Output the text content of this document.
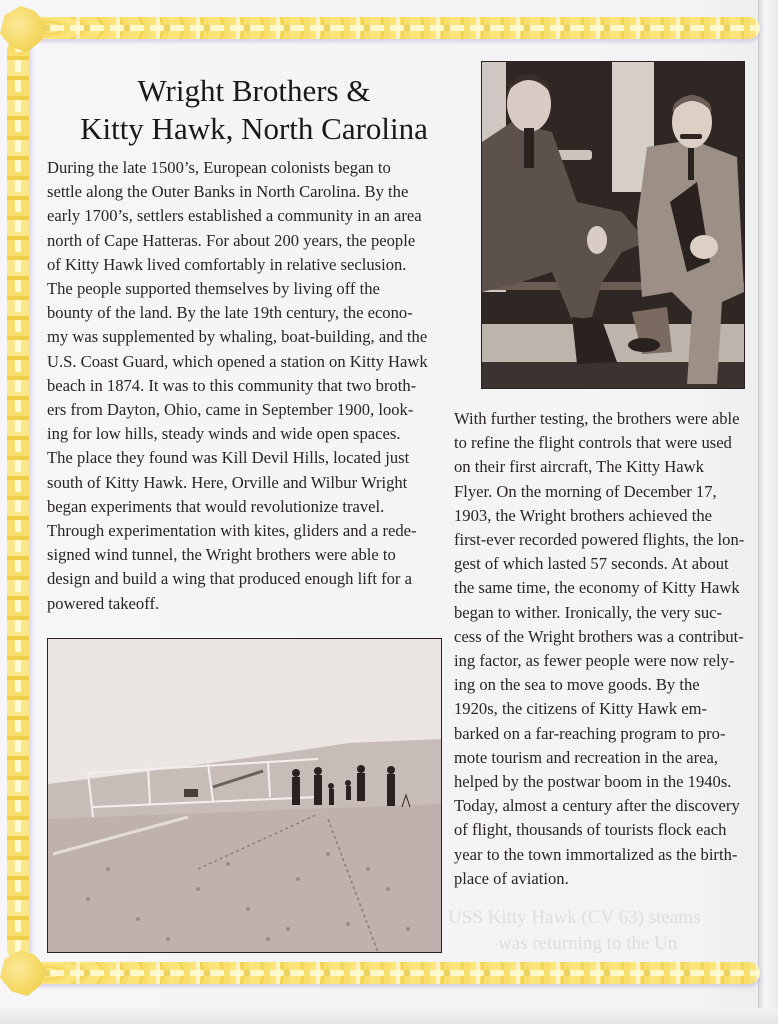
USS Kitty Hawk (CV 63) steams
was returning to the Un
Wright Brothers &
Kitty Hawk, North Carolina
During the late 1500’s, European colonists began to
settle along the Outer Banks in North Carolina. By the
early 1700’s, settlers established a community in an area
north of Cape Hatteras. For about 200 years, the people
of Kitty Hawk lived comfortably in relative seclusion.
The people supported themselves by living off the
bounty of the land. By the late 19th century, the econo-
my was supplemented by whaling, boat-building, and the
U.S. Coast Guard, which opened a station on Kitty Hawk
beach in 1874. It was to this community that two broth-
ers from Dayton, Ohio, came in September 1900, look-
ing for low hills, steady winds and wide open spaces.
The place they found was Kill Devil Hills, located just
south of Kitty Hawk. Here, Orville and Wilbur Wright
began experiments that would revolutionize travel.
Through experimentation with kites, gliders and a rede-
signed wind tunnel, the Wright brothers were able to
design and build a wing that produced enough lift for a
powered takeoff.
With further testing, the brothers were able
to refine the flight controls that were used
on their first aircraft, The Kitty Hawk
Flyer. On the morning of December 17,
1903, the Wright brothers achieved the
first-ever recorded powered flights, the lon-
gest of which lasted 57 seconds. At about
the same time, the economy of Kitty Hawk
began to wither. Ironically, the very suc-
cess of the Wright brothers was a contribut-
ing factor, as fewer people were now rely-
ing on the sea to move goods. By the
1920s, the citizens of Kitty Hawk em-
barked on a far-reaching program to pro-
mote tourism and recreation in the area,
helped by the postwar boom in the 1940s.
Today, almost a century after the discovery
of flight, thousands of tourists flock each
year to the town immortalized as the birth-
place of aviation.
